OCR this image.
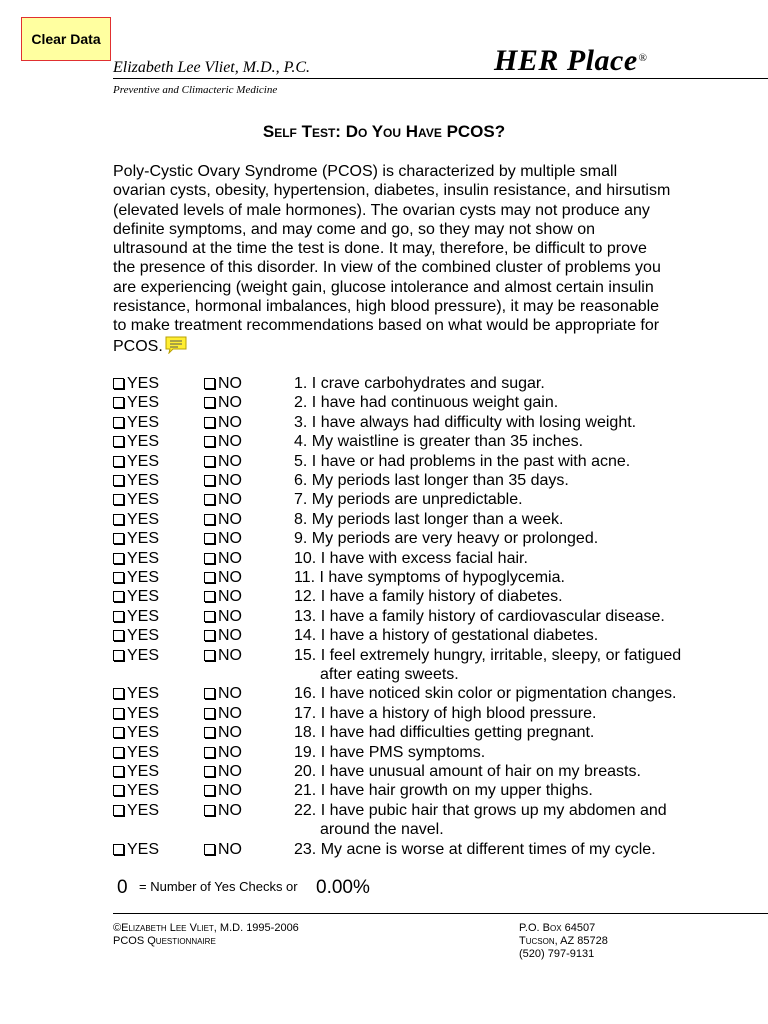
Clear Data
Elizabeth Lee Vliet, M.D., P.C.	HER Place®
Preventive and Climacteric Medicine
Self Test: Do You Have PCOS?

Poly-Cystic Ovary Syndrome (PCOS) is characterized by multiple small ovarian cysts, obesity, hypertension, diabetes, insulin resistance, and hirsutism (elevated levels of male hormones). The ovarian cysts may not produce any definite symptoms, and may come and go, so they may not show on ultrasound at the time the test is done. It may, therefore, be difficult to prove the presence of this disorder. In view of the combined cluster of problems you are experiencing (weight gain, glucose intolerance and almost certain insulin resistance, hormonal imbalances, high blood pressure), it may be reasonable to make treatment recommendations based on what would be appropriate for PCOS.

YES	NO	1. I crave carbohydrates and sugar.
YES	NO	2. I have had continuous weight gain.
YES	NO	3. I have always had difficulty with losing weight.
YES	NO	4. My waistline is greater than 35 inches.
YES	NO	5. I have or had problems in the past with acne.
YES	NO	6. My periods last longer than 35 days.
YES	NO	7. My periods are unpredictable.
YES	NO	8. My periods last longer than a week.
YES	NO	9. My periods are very heavy or prolonged.
YES	NO	10. I have with excess facial hair.
YES	NO	11. I have symptoms of hypoglycemia.
YES	NO	12. I have a family history of diabetes.
YES	NO	13. I have a family history of cardiovascular disease.
YES	NO	14. I have a history of gestational diabetes.
YES	NO	15. I feel extremely hungry, irritable, sleepy, or fatigued
after eating sweets.
YES	NO	16. I have noticed skin color or pigmentation changes.
YES	NO	17. I have a history of high blood pressure.
YES	NO	18. I have had difficulties getting pregnant.
YES	NO	19. I have PMS symptoms.
YES	NO	20. I have unusual amount of hair on my breasts.
YES	NO	21. I have hair growth on my upper thighs.
YES	NO	22. I have pubic hair that grows up my abdomen and
around the navel.
YES	NO	23. My acne is worse at different times of my cycle.
0 = Number of Yes Checks or 0.00%
©Elizabeth Lee Vliet, M.D. 1995-2006
PCOS Questionnaire
P.O. Box 64507
Tucson, AZ 85728
(520) 797-9131
